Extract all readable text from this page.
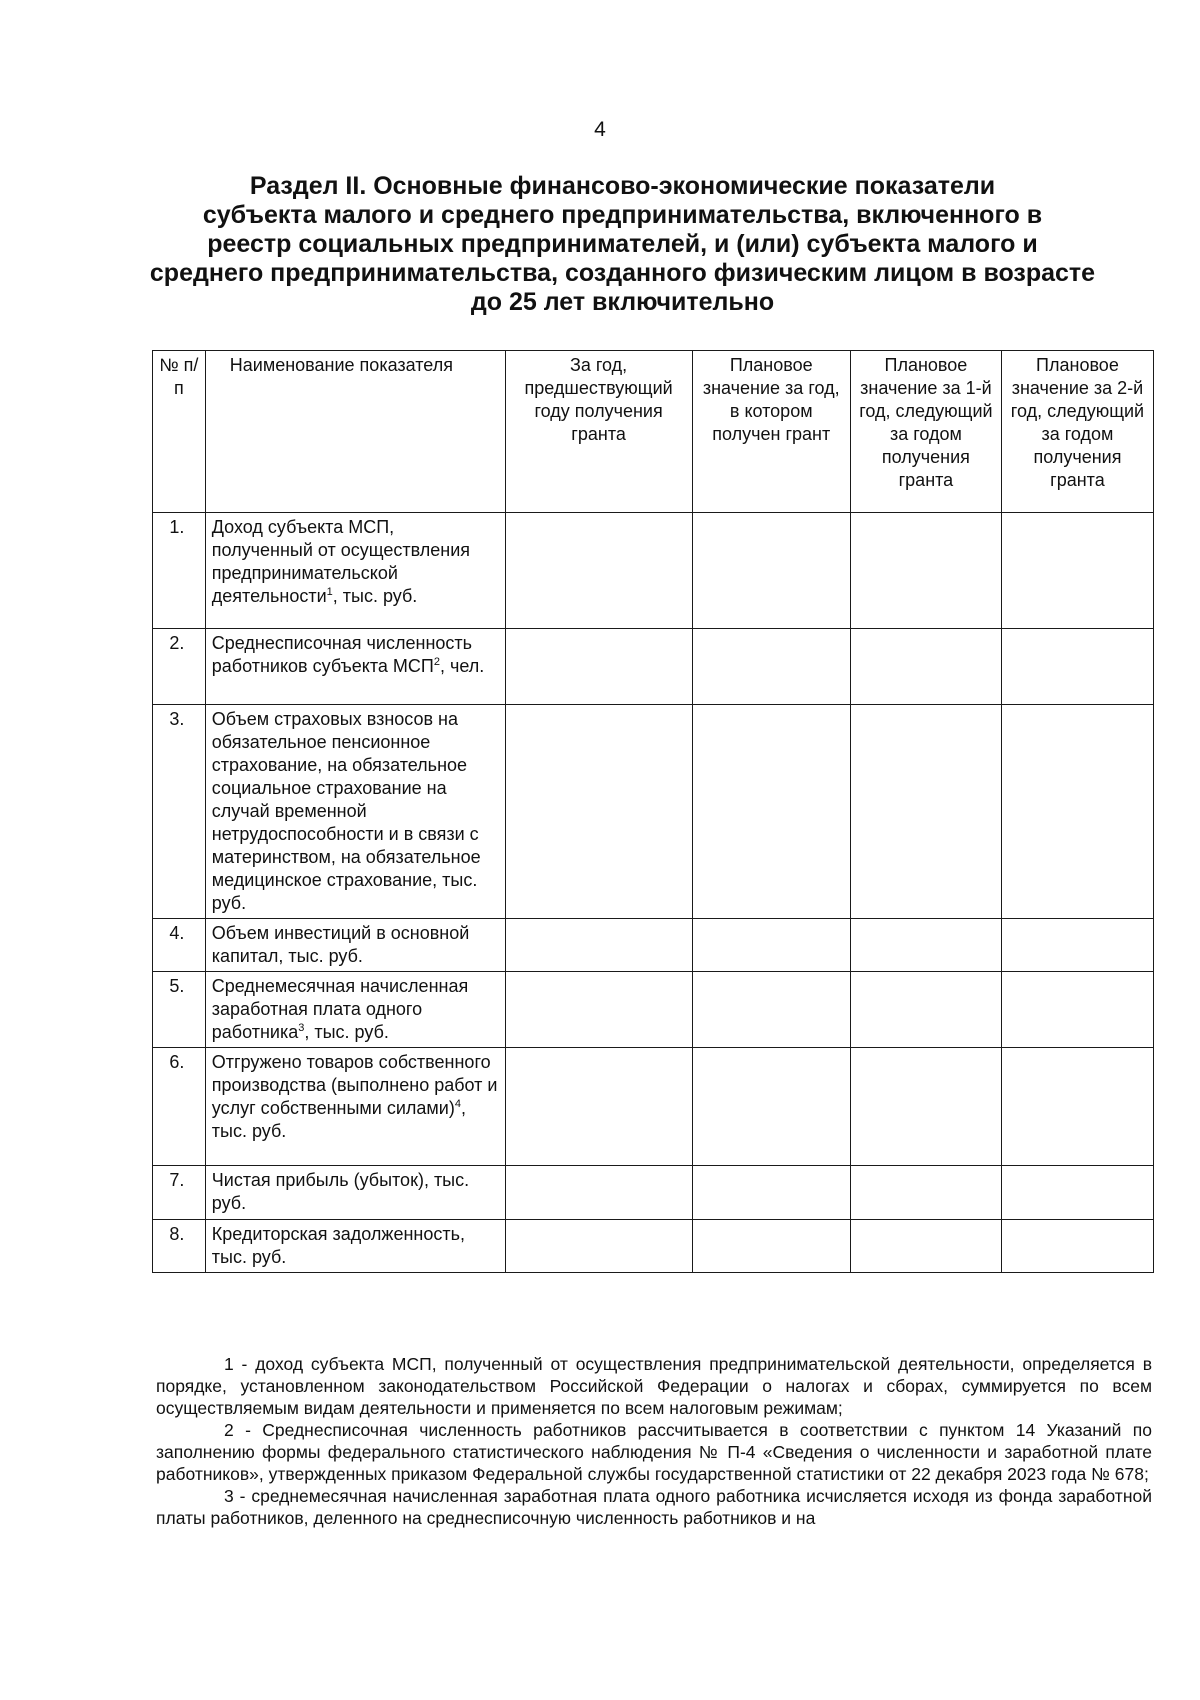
4
Раздел II. Основные финансово-экономические показатели
субъекта малого и среднего предпринимательства, включенного в
реестр социальных предпринимателей, и (или) субъекта малого и
среднего предпринимательства, созданного физическим лицом в возрасте
до 25 лет включительно
№ п/п	Наименование показателя	За год, предшествующий году получения гранта	Плановое значение за год, в котором получен грант	Плановое значение за 1-й год, следующий за годом получения гранта	Плановое значение за 2-й год, следующий за годом получения гранта
1.	Доход субъекта МСП, полученный от осуществления предпринимательской деятельности$^1$, тыс. руб.				
2.	Среднесписочная численность работников субъекта МСП$^2$, чел.				
3.	Объем страховых взносов на обязательное пенсионное страхование, на обязательное социальное страхование на случай временной нетрудоспособности и в связи с материнством, на обязательное медицинское страхование, тыс. руб.				
4.	Объем инвестиций в основной капитал, тыс. руб.				
5.	Среднемесячная начисленная заработная плата одного работника$^3$, тыс. руб.				
6.	Отгружено товаров собственного производства (выполнено работ и услуг собственными силами)$^4$, тыс. руб.				
7.	Чистая прибыль (убыток), тыс. руб.				
8.	Кредиторская задолженность, тыс. руб.				

1 - доход субъекта МСП, полученный от осуществления предпринимательской деятельности, определяется в порядке, установленном законодательством Российской Федерации о налогах и сборах, суммируется по всем осуществляемым видам деятельности и применяется по всем налоговым режимам;

2 - Среднесписочная численность работников рассчитывается в соответствии с пунктом 14 Указаний по заполнению формы федерального статистического наблюдения № П-4 «Сведения о численности и заработной плате работников», утвержденных приказом Федеральной службы государственной статистики от 22 декабря 2023 года № 678;

3 - среднемесячная начисленная заработная плата одного работника исчисляется исходя из фонда заработной платы работников, деленного на среднесписочную численность работников и на
